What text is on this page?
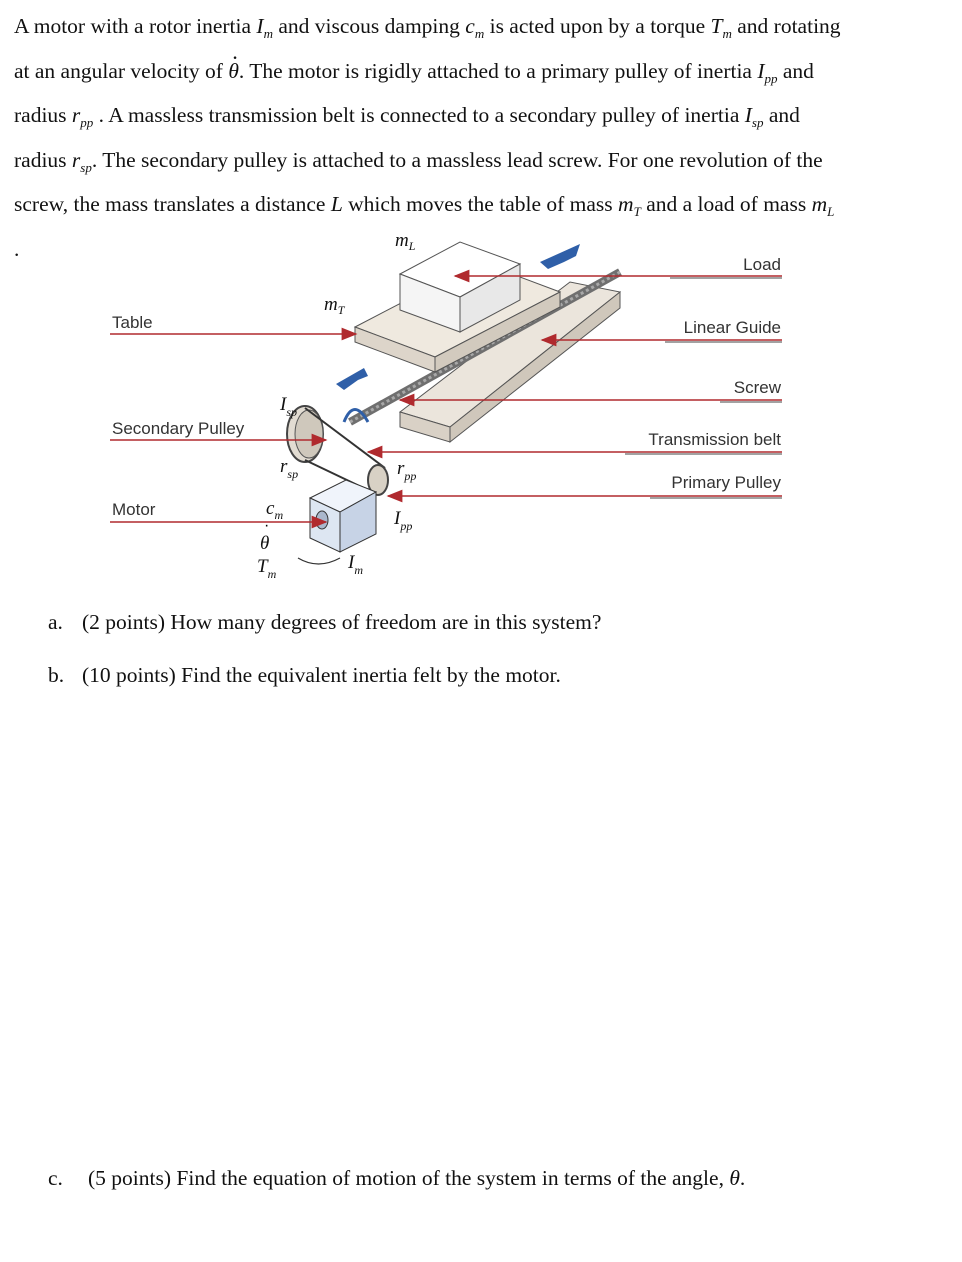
A motor with a rotor inertia $I_m$ and viscous damping $c_m$ is acted upon by a torque $T_m$ and rotating
at an angular velocity of · θ. The motor is rigidly attached to a primary pulley of inertia $I_{pp}$ and
radius $r_{pp}$ . A massless transmission belt is connected to a secondary pulley of inertia $I_{sp}$ and
radius $r_{sp}$. The secondary pulley is attached to a massless lead screw. For one revolution of the
screw, the mass translates a distance L which moves the table of mass $m_T$ and a load of mass $m_L$
.

Load
Linear Guide
Screw
Transmission belt
Primary Pulley
Table
Secondary Pulley
Motor
$m_L$
$m_T$
$I_{sp}$
$r_{sp}$
$c_m$
θ
$T_m$
$I_m$
$r_{pp}$
$I_{pp}$
·
a. (2 points) How many degrees of freedom are in this system?
b. (10 points) Find the equivalent inertia felt by the motor.
c. (5 points) Find the equation of motion of the system in terms of the angle, θ.
